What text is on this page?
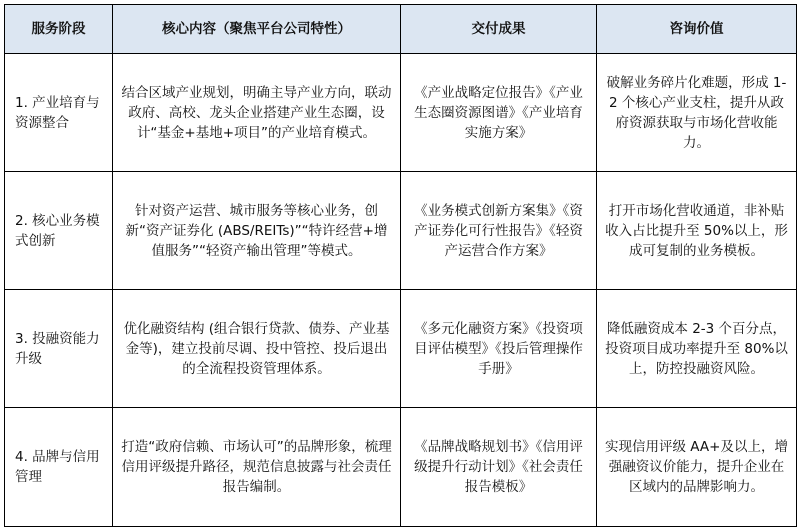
服务阶段	核心内容（聚焦平台公司特性）	交付成果	咨询价值
1. 产业培育与资源整合	结合区域产业规划，明确主导产业方向，联动政府、高校、龙头企业搭建产业生态圈，设计“基金+基地+项目”的产业培育模式。	《产业战略定位报告》《产业生态圈资源图谱》《产业培育实施方案》	破解业务碎片化难题，形成 1-2 个核心产业支柱，提升从政府资源获取与市场化营收能力。
2. 核心业务模式创新	针对资产运营、城市服务等核心业务，创新“资产证券化 (ABS/REITs)”“特许经营+增值服务”“轻资产输出管理”等模式。	《业务模式创新方案集》《资产证券化可行性报告》《轻资产运营合作方案》	打开市场化营收通道，非补贴收入占比提升至 50%以上，形成可复制的业务模板。
3. 投融资能力升级	优化融资结构 (组合银行贷款、债券、产业基金等)，建立投前尽调、投中管控、投后退出的全流程投资管理体系。	《多元化融资方案》《投资项目评估模型》《投后管理操作手册》	降低融资成本 2-3 个百分点，投资项目成功率提升至 80%以上，防控投融资风险。
4. 品牌与信用管理	打造“政府信赖、市场认可”的品牌形象，梳理信用评级提升路径，规范信息披露与社会责任报告编制。	《品牌战略规划书》《信用评级提升行动计划》《社会责任报告模板》	实现信用评级 AA+及以上，增强融资议价能力，提升企业在区域内的品牌影响力。
